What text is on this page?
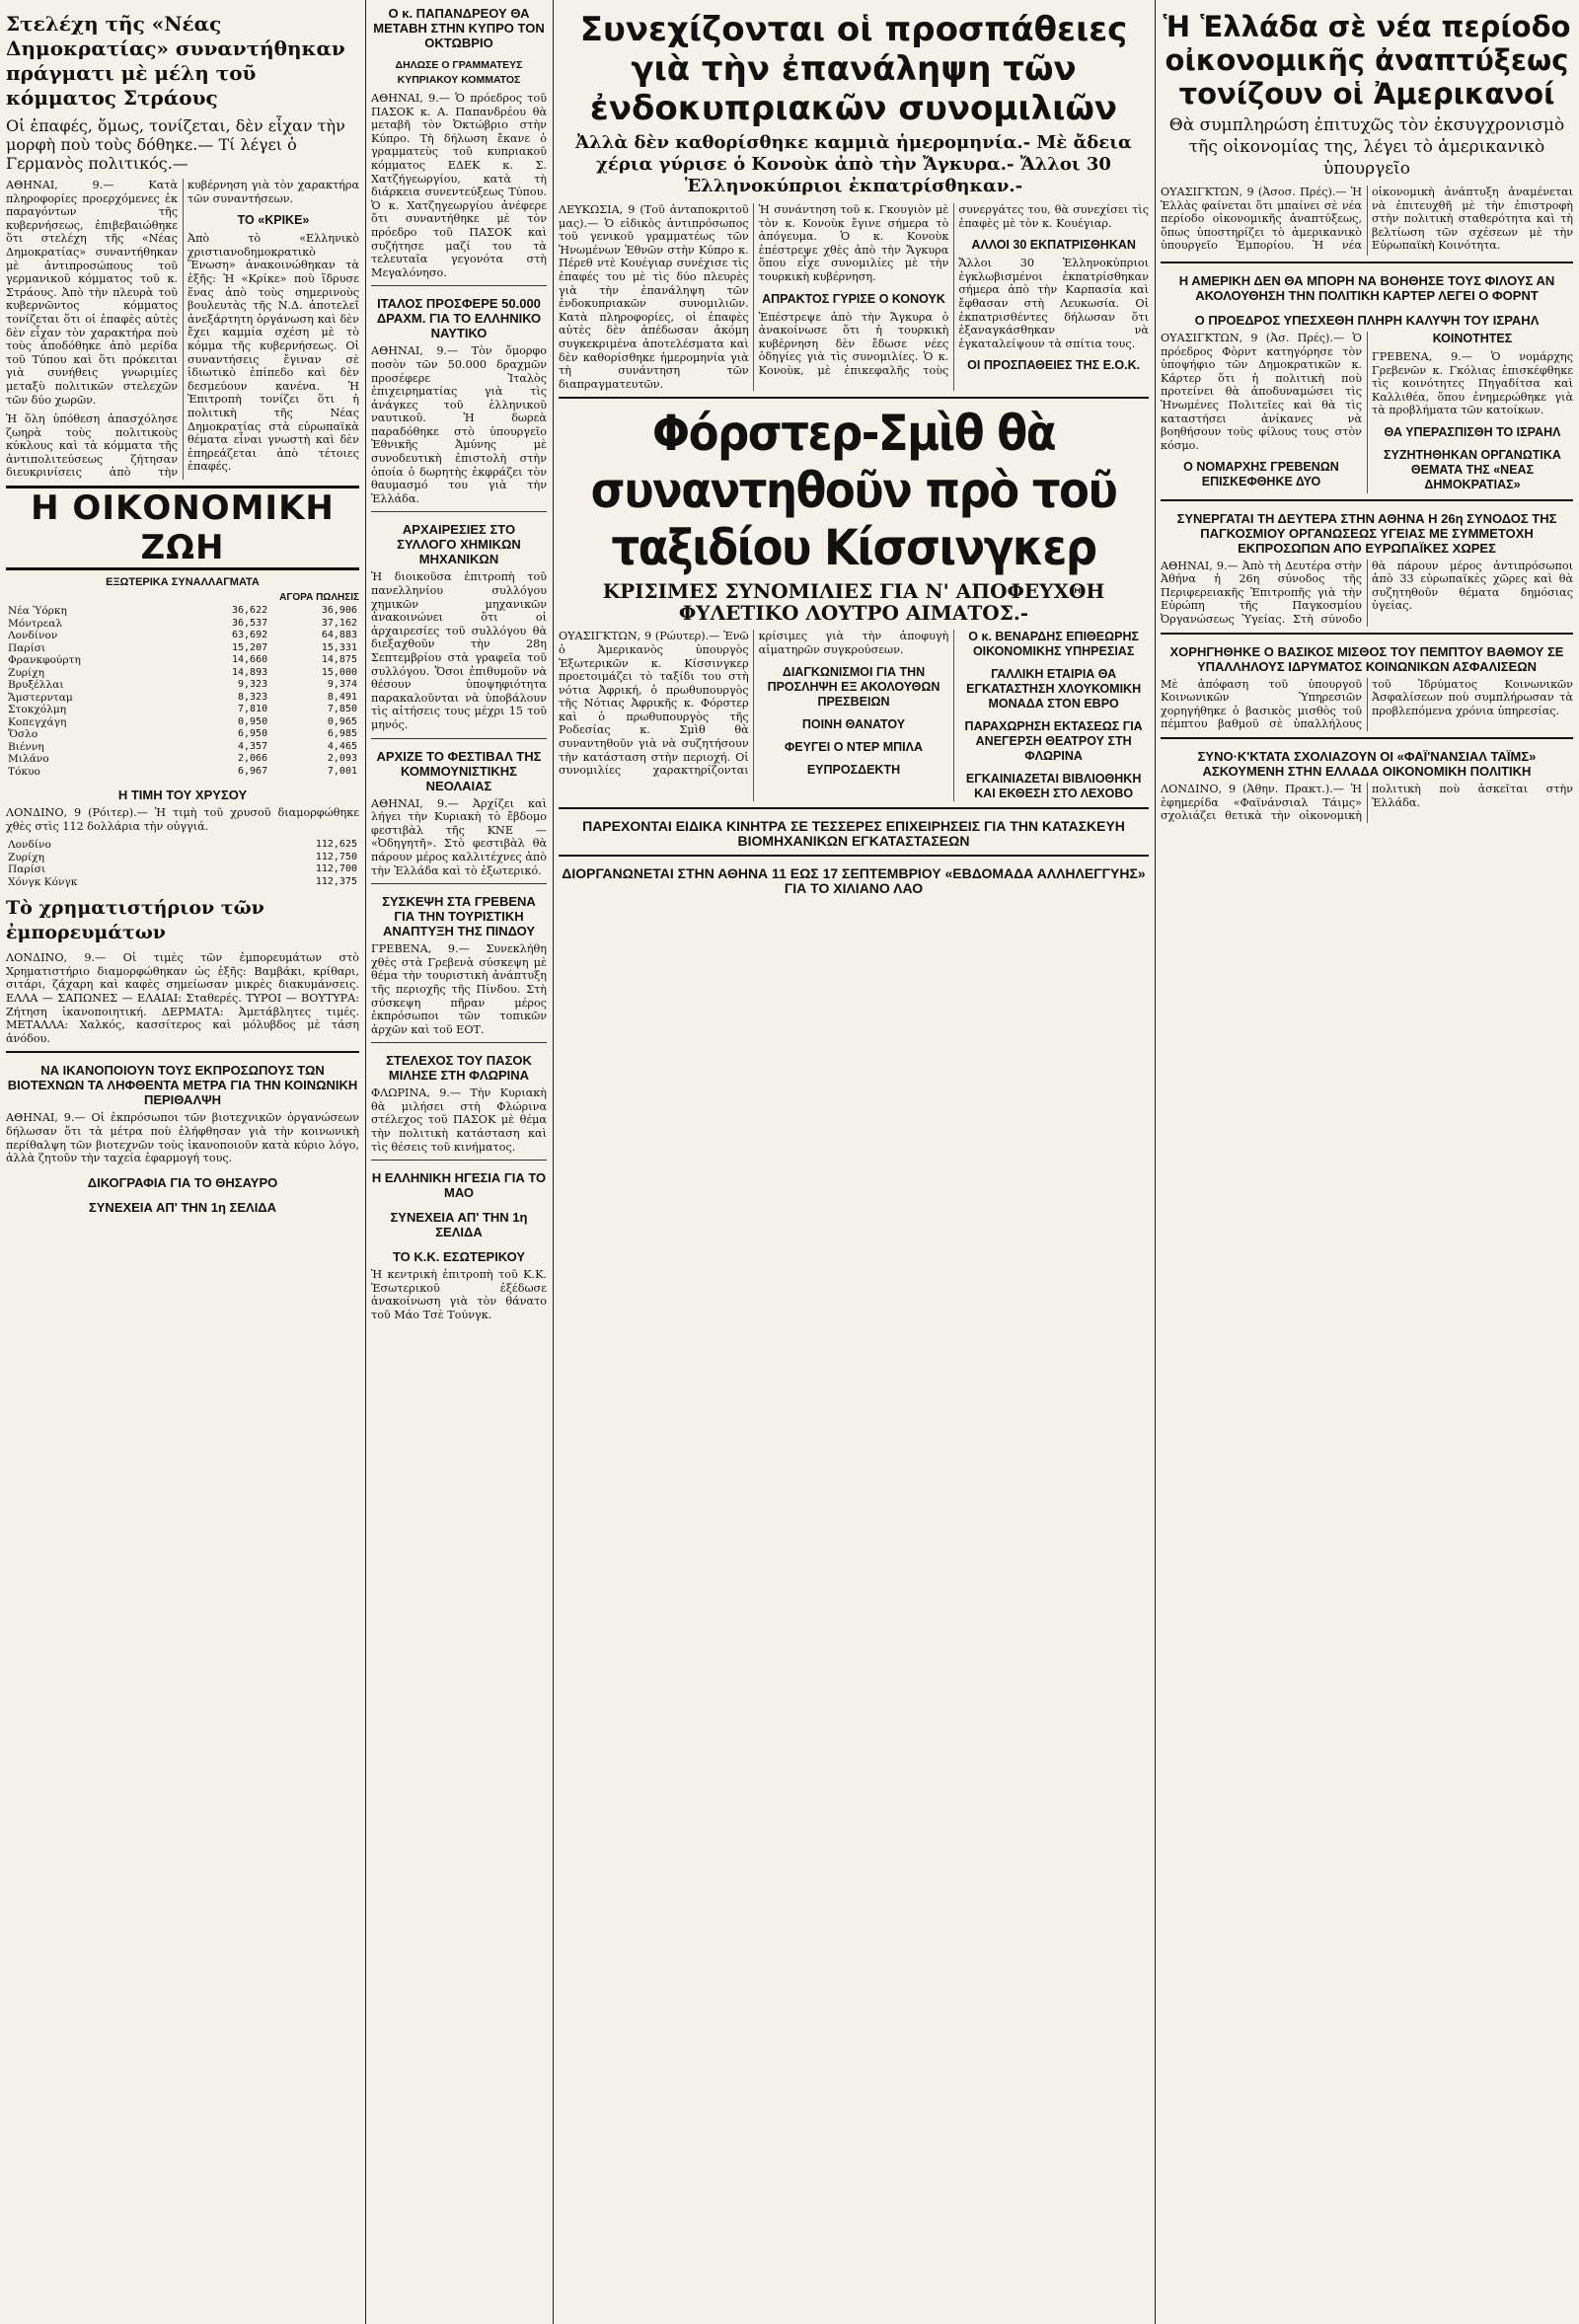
Στελέχη τῆς «Νέας Δημοκρατίας» συναντήθηκαν πράγματι μὲ μέλη τοῦ κόμματος Στράους
Οἱ ἐπαφές, ὅμως, τονίζεται, δὲν εἶχαν τὴν μορφὴ ποὺ τοὺς δόθηκε.— Τί λέγει ὁ Γερμανὸς πολιτικός.—

ΑΘΗΝΑΙ, 9.— Κατὰ πληροφορίες προερχόμενες ἐκ παραγόντων τῆς κυβερνήσεως, ἐπιβεβαιώθηκε ὅτι στελέχη τῆς «Νέας Δημοκρατίας» συναντήθηκαν μὲ ἀντιπροσώπους τοῦ γερμανικοῦ κόμματος τοῦ κ. Στράους. Ἀπὸ τὴν πλευρὰ τοῦ κυβερνῶντος κόμματος τονίζεται ὅτι οἱ ἐπαφὲς αὐτὲς δὲν εἶχαν τὸν χαρακτήρα ποὺ τοὺς ἀποδόθηκε ἀπὸ μερίδα τοῦ Τύπου καὶ ὅτι πρόκειται γιὰ συνήθεις γνωριμίες μεταξὺ πολιτικῶν στελεχῶν τῶν δύο χωρῶν.

Ἡ ὅλη ὑπόθεση ἀπασχόλησε ζωηρὰ τοὺς πολιτικοὺς κύκλους καὶ τὰ κόμματα τῆς ἀντιπολιτεύσεως ζήτησαν διευκρινίσεις ἀπὸ τὴν κυβέρνηση γιὰ τὸν χαρακτήρα τῶν συναντήσεων.

ΤΟ «ΚΡΙΚΕ»

Ἀπὸ τὸ «Ελληνικὸ χριστιανοδημοκρατικὸ Ἕνωση» ἀνακοινώθηκαν τὰ ἑξῆς: Ἡ «Κρίκε» ποὺ ἵδρυσε ἕνας ἀπὸ τοὺς σημερινοὺς βουλευτὰς τῆς Ν.Δ. ἀποτελεῖ ἀνεξάρτητη ὀργάνωση καὶ δὲν ἔχει καμμία σχέση μὲ τὸ κόμμα τῆς κυβερνήσεως. Οἱ συναντήσεις ἔγιναν σὲ ἰδιωτικὸ ἐπίπεδο καὶ δὲν δεσμεύουν κανένα. Ἡ Ἐπιτροπὴ τονίζει ὅτι ἡ πολιτικὴ τῆς Νέας Δημοκρατίας στὰ εὐρωπαϊκὰ θέματα εἶναι γνωστὴ καὶ δὲν ἐπηρεάζεται ἀπὸ τέτοιες ἐπαφές.

Η ΟΙΚΟΝΟΜΙΚΗ ΖΩΗ
ΕΞΩΤΕΡΙΚΑ ΣΥΝΑΛΛΑΓΜΑΤΑ
ΑΓΟΡΑ ΠΩΛΗΣΙΣ
Νέα Ὑόρκη	36,622	36,906
Μόντρεαλ	36,537	37,162
Λονδίνον	63,692	64,883
Παρίσι	15,207	15,331
Φρανκφούρτη	14,660	14,875
Ζυρίχη	14,893	15,000
Βρυξέλλαι	9,323	9,374
Ἄμστερνταμ	8,323	8,491
Στοκχόλμη	7,810	7,850
Κοπεγχάγη	0,950	0,965
Ὄσλο	6,950	6,985
Βιέννη	4,357	4,465
Μιλάνο	2,066	2,093
Τόκυο	6,967	7,001
Η ΤΙΜΗ ΤΟΥ ΧΡΥΣΟΥ

ΛΟΝΔΙΝΟ, 9 (Ρόιτερ).— Ἡ τιμὴ τοῦ χρυσοῦ διαμορφώθηκε χθὲς στὶς 112 δολλάρια τὴν οὐγγιά.

Λονδίνο	112,625
Ζυρίχη	112,750
Παρίσι	112,700
Χόνγκ Κόνγκ	112,375
Τὸ χρηματιστήριον τῶν ἐμπορευμάτων

ΛΟΝΔΙΝΟ, 9.— Οἱ τιμὲς τῶν ἐμπορευμάτων στὸ Χρηματιστήριο διαμορφώθηκαν ὡς ἑξῆς: Βαμβάκι, κρίθαρι, σιτάρι, ζάχαρη καὶ καφὲς σημείωσαν μικρὲς διακυμάνσεις. ΕΛΛΑ — ΣΑΠΩΝΕΣ — ΕΛΑΙΑΙ: Σταθερές. ΤΥΡΟΙ — ΒΟΥΤΥΡΑ: Ζήτηση ἱκανοποιητική. ΔΕΡΜΑΤΑ: Ἀμετάβλητες τιμές. ΜΕΤΑΛΛΑ: Χαλκός, κασσίτερος καὶ μόλυβδος μὲ τάση ἀνόδου.

ΝΑ ΙΚΑΝΟΠΟΙΟΥΝ ΤΟΥΣ ΕΚΠΡΟΣΩΠΟΥΣ ΤΩΝ ΒΙΟΤΕΧΝΩΝ ΤΑ ΛΗΦΘΕΝΤΑ ΜΕΤΡΑ ΓΙΑ ΤΗΝ ΚΟΙΝΩΝΙΚΗ ΠΕΡΙΘΑΛΨΗ

ΑΘΗΝΑΙ, 9.— Οἱ ἐκπρόσωποι τῶν βιοτεχνικῶν ὀργανώσεων δήλωσαν ὅτι τὰ μέτρα ποὺ ἐλήφθησαν γιὰ τὴν κοινωνικὴ περίθαλψη τῶν βιοτεχνῶν τοὺς ἱκανοποιοῦν κατὰ κύριο λόγο, ἀλλὰ ζητοῦν τὴν ταχεία ἐφαρμογή τους.

ΔΙΚΟΓΡΑΦΙΑ ΓΙΑ ΤΟ ΘΗΣΑΥΡΟ
ΣΥΝΕΧΕΙΑ ΑΠ' ΤΗΝ 1η ΣΕΛΙΔΑ
Ο κ. ΠΑΠΑΝΔΡΕΟΥ ΘΑ ΜΕΤΑΒΗ ΣΤΗΝ ΚΥΠΡΟ ΤΟΝ ΟΚΤΩΒΡΙΟ
ΔΗΛΩΣΕ Ο ΓΡΑΜΜΑΤΕΥΣ ΚΥΠΡΙΑΚΟΥ ΚΟΜΜΑΤΟΣ

ΑΘΗΝΑΙ, 9.— Ὁ πρόεδρος τοῦ ΠΑΣΟΚ κ. Α. Παπανδρέου θὰ μεταβῆ τὸν Ὀκτώβριο στὴν Κύπρο. Τὴ δήλωση ἔκανε ὁ γραμματεὺς τοῦ κυπριακοῦ κόμματος ΕΔΕΚ κ. Σ. Χατζήγεωργίου, κατὰ τὴ διάρκεια συνεντεύξεως Τύπου. Ὁ κ. Χατζηγεωργίου ἀνέφερε ὅτι συναντήθηκε μὲ τὸν πρόεδρο τοῦ ΠΑΣΟΚ καὶ συζήτησε μαζί του τὰ τελευταῖα γεγονότα στὴ Μεγαλόνησο.

ΙΤΑΛΟΣ ΠΡΟΣΦΕΡΕ 50.000 ΔΡΑΧΜ. ΓΙΑ ΤΟ ΕΛΛΗΝΙΚΟ ΝΑΥΤΙΚΟ

ΑΘΗΝΑΙ, 9.— Τὸν ὄμορφο ποσὸν τῶν 50.000 δραχμῶν προσέφερε Ἰταλὸς ἐπιχειρηματίας γιὰ τὶς ἀνάγκες τοῦ ἑλληνικοῦ ναυτικοῦ. Ἡ δωρεὰ παραδόθηκε στὸ ὑπουργεῖο Ἐθνικῆς Ἀμύνης μὲ συνοδευτικὴ ἐπιστολὴ στὴν ὁποία ὁ δωρητὴς ἐκφράζει τὸν θαυμασμό του γιὰ τὴν Ἑλλάδα.

ΑΡΧΑΙΡΕΣΙΕΣ ΣΤΟ ΣΥΛΛΟΓΟ ΧΗΜΙΚΩΝ ΜΗΧΑΝΙΚΩΝ

Ἡ διοικοῦσα ἐπιτροπὴ τοῦ πανελληνίου συλλόγου χημικῶν μηχανικῶν ἀνακοινώνει ὅτι οἱ ἀρχαιρεσίες τοῦ συλλόγου θὰ διεξαχθοῦν τὴν 28η Σεπτεμβρίου στὰ γραφεῖα τοῦ συλλόγου. Ὅσοι ἐπιθυμοῦν νὰ θέσουν ὑποψηφιότητα παρακαλοῦνται νὰ ὑποβάλουν τὶς αἰτήσεις τους μέχρι 15 τοῦ μηνός.

ΑΡΧΙΖΕ ΤΟ ΦΕΣΤΙΒΑΛ ΤΗΣ ΚΟΜΜΟΥΝΙΣΤΙΚΗΣ ΝΕΟΛΑΙΑΣ

ΑΘΗΝΑΙ, 9.— Ἀρχίζει καὶ λήγει τὴν Κυριακὴ τὸ ἔβδομο φεστιβὰλ τῆς ΚΝΕ — «Ὀδηγητῆ». Στὸ φεστιβὰλ θὰ πάρουν μέρος καλλιτέχνες ἀπὸ τὴν Ἑλλάδα καὶ τὸ ἐξωτερικό.

ΣΥΣΚΕΨΗ ΣΤΑ ΓΡΕΒΕΝΑ ΓΙΑ ΤΗΝ ΤΟΥΡΙΣΤΙΚΗ ΑΝΑΠΤΥΞΗ ΤΗΣ ΠΙΝΔΟΥ

ΓΡΕΒΕΝΑ, 9.— Συνεκλήθη χθὲς στὰ Γρεβενὰ σύσκεψη μὲ θέμα τὴν τουριστικὴ ἀνάπτυξη τῆς περιοχῆς τῆς Πίνδου. Στὴ σύσκεψη πῆραν μέρος ἐκπρόσωποι τῶν τοπικῶν ἀρχῶν καὶ τοῦ ΕΟΤ.

ΣΤΕΛΕΧΟΣ ΤΟΥ ΠΑΣΟΚ ΜΙΛΗΣΕ ΣΤΗ ΦΛΩΡΙΝΑ

ΦΛΩΡΙΝΑ, 9.— Τὴν Κυριακὴ θὰ μιλήσει στὴ Φλώρινα στέλεχος τοῦ ΠΑΣΟΚ μὲ θέμα τὴν πολιτικὴ κατάσταση καὶ τὶς θέσεις τοῦ κινήματος.

Η ΕΛΛΗΝΙΚΗ ΗΓΕΣΙΑ ΓΙΑ ΤΟ ΜΑΟ
ΣΥΝΕΧΕΙΑ ΑΠ' ΤΗΝ 1η ΣΕΛΙΔΑ
ΤΟ Κ.Κ. ΕΣΩΤΕΡΙΚΟΥ

Ἡ κεντρικὴ ἐπιτροπὴ τοῦ Κ.Κ. Ἐσωτερικοῦ ἐξέδωσε ἀνακοίνωση γιὰ τὸν θάνατο τοῦ Μάο Τσὲ Τούνγκ.

Συνεχίζονται οἱ προσπάθειες γιὰ τὴν ἐπανάληψη τῶν ἐνδοκυπριακῶν συνομιλιῶν
Ἀλλὰ δὲν καθορίσθηκε καμμιὰ ἡμερομηνία.- Μὲ ἄδεια χέρια γύρισε ὁ Κονοὺκ ἀπὸ τὴν Ἄγκυρα.- Ἄλλοι 30 Ἑλληνοκύπριοι ἐκπατρίσθηκαν.-

ΛΕΥΚΩΣΙΑ, 9 (Τοῦ ἀνταποκριτοῦ μας).— Ὁ εἰδικὸς ἀντιπρόσωπος τοῦ γενικοῦ γραμματέως τῶν Ἡνωμένων Ἐθνῶν στὴν Κύπρο κ. Πέρεθ ντὲ Κουέγιαρ συνέχισε τὶς ἐπαφές του μὲ τὶς δύο πλευρὲς γιὰ τὴν ἐπανάληψη τῶν ἐνδοκυπριακῶν συνομιλιῶν. Κατὰ πληροφορίες, οἱ ἐπαφὲς αὐτὲς δὲν ἀπέδωσαν ἀκόμη συγκεκριμένα ἀποτελέσματα καὶ δὲν καθορίσθηκε ἡμερομηνία γιὰ τὴ συνάντηση τῶν διαπραγματευτῶν.

Ἡ συνάντηση τοῦ κ. Γκουγιὸν μὲ τὸν κ. Κονοὺκ ἔγινε σήμερα τὸ ἀπόγευμα. Ὁ κ. Κονοὺκ ἐπέστρεψε χθὲς ἀπὸ τὴν Ἄγκυρα ὅπου εἶχε συνομιλίες μὲ τὴν τουρκικὴ κυβέρνηση.

ΑΠΡΑΚΤΟΣ ΓΥΡΙΣΕ Ο ΚΟΝΟΥΚ

Ἐπέστρεψε ἀπὸ τὴν Ἄγκυρα ὁ ἀνακοίνωσε ὅτι ἡ τουρκικὴ κυβέρνηση δὲν ἔδωσε νέες ὁδηγίες γιὰ τὶς συνομιλίες. Ὁ κ. Κονοὺκ, μὲ ἐπικεφαλῆς τοὺς συνεργάτες του, θὰ συνεχίσει τὶς ἐπαφὲς μὲ τὸν κ. Κουέγιαρ.

ΑΛΛΟΙ 30 ΕΚΠΑΤΡΙΣΘΗΚΑΝ

Ἄλλοι 30 Ἑλληνοκύπριοι ἐγκλωβισμένοι ἐκπατρίσθηκαν σήμερα ἀπὸ τὴν Καρπασία καὶ ἔφθασαν στὴ Λευκωσία. Οἱ ἐκπατρισθέντες δήλωσαν ὅτι ἐξαναγκάσθηκαν νὰ ἐγκαταλείψουν τὰ σπίτια τους.

ΟΙ ΠΡΟΣΠΑΘΕΙΕΣ ΤΗΣ Ε.Ο.Κ.
Φόρστερ-Σμὶθ θὰ συναντηθοῦν πρὸ τοῦ ταξιδίου Κίσσινγκερ
ΚΡΙΣΙΜΕΣ ΣΥΝΟΜΙΛΙΕΣ ΓΙΑ Ν' ΑΠΟΦΕΥΧΘΗ ΦΥΛΕΤΙΚΟ ΛΟΥΤΡΟ ΑΙΜΑΤΟΣ.-

ΟΥΑΣΙΓΚΤΩΝ, 9 (Ρώυτερ).— Ἐνῶ ὁ Ἀμερικανὸς ὑπουργὸς Ἐξωτερικῶν κ. Κίσσινγκερ προετοιμάζει τὸ ταξίδι του στὴ νότια Ἀφρική, ὁ πρωθυπουργὸς τῆς Νότιας Ἀφρικῆς κ. Φόρστερ καὶ ὁ πρωθυπουργὸς τῆς Ροδεσίας κ. Σμὶθ θὰ συναντηθοῦν γιὰ νὰ συζητήσουν τὴν κατάσταση στὴν περιοχή. Οἱ συνομιλίες χαρακτηρίζονται κρίσιμες γιὰ τὴν ἀποφυγὴ αἱματηρῶν συγκρούσεων.

ΔΙΑΓΚΩΝΙΣΜΟΙ ΓΙΑ ΤΗΝ ΠΡΟΣΛΗΨΗ ΕΞ ΑΚΟΛΟΥΘΩΝ ΠΡΕΣΒΕΙΩΝ
ΠΟΙΝΗ ΘΑΝΑΤΟΥ
ΦΕΥΓΕΙ Ο ΝΤΕΡ ΜΠΙΛΑ
ΕΥΠΡΟΣΔΕΚΤΗ
Ο κ. ΒΕΝΑΡΔΗΣ ΕΠΙΘΕΩΡΗΣ ΟΙΚΟΝΟΜΙΚΗΣ ΥΠΗΡΕΣΙΑΣ
ΓΑΛΛΙΚΗ ΕΤΑΙΡΙΑ ΘΑ ΕΓΚΑΤΑΣΤΗΣΗ ΧΛΟΥΚΟΜΙΚΗ ΜΟΝΑΔΑ ΣΤΟΝ ΕΒΡΟ
ΠΑΡΑΧΩΡΗΣΗ ΕΚΤΑΣΕΩΣ ΓΙΑ ΑΝΕΓΕΡΣΗ ΘΕΑΤΡΟΥ ΣΤΗ ΦΛΩΡΙΝΑ
ΕΓΚΑΙΝΙΑΖΕΤΑΙ ΒΙΒΛΙΟΘΗΚΗ ΚΑΙ ΕΚΘΕΣΗ ΣΤΟ ΛΕΧΟΒΟ
ΠΑΡΕΧΟΝΤΑΙ ΕΙΔΙΚΑ ΚΙΝΗΤΡΑ ΣΕ ΤΕΣΣΕΡΕΣ ΕΠΙΧΕΙΡΗΣΕΙΣ ΓΙΑ ΤΗΝ ΚΑΤΑΣΚΕΥΗ ΒΙΟΜΗΧΑΝΙΚΩΝ ΕΓΚΑΤΑΣΤΑΣΕΩΝ
ΔΙΟΡΓΑΝΩΝΕΤΑΙ ΣΤΗΝ ΑΘΗΝΑ 11 ΕΩΣ 17 ΣΕΠΤΕΜΒΡΙΟΥ «ΕΒΔΟΜΑΔΑ ΑΛΛΗΛΕΓΓΥΗΣ» ΓΙΑ ΤΟ ΧΙΛΙΑΝΟ ΛΑΟ
Ἡ Ἑλλάδα σὲ νέα περίοδο οἰκονομικῆς ἀναπτύξεως τονίζουν οἱ Ἀμερικανοί
Θὰ συμπληρώση ἐπιτυχῶς τὸν ἐκσυγχρονισμὸ τῆς οἰκονομίας της, λέγει τὸ ἀμερικανικὸ ὑπουργεῖο

ΟΥΑΣΙΓΚΤΩΝ, 9 (Ἀσοσ. Πρές).— Ἡ Ἑλλὰς φαίνεται ὅτι μπαίνει σὲ νέα περίοδο οἰκονομικῆς ἀναπτύξεως, ὅπως ὑποστηρίζει τὸ ἀμερικανικὸ ὑπουργεῖο Ἐμπορίου. Ἡ νέα οἰκονομικὴ ἀνάπτυξη ἀναμένεται νὰ ἐπιτευχθῆ μὲ τὴν ἐπιστροφὴ στὴν πολιτικὴ σταθερότητα καὶ τὴ βελτίωση τῶν σχέσεων μὲ τὴν Εὐρωπαϊκὴ Κοινότητα.

Η ΑΜΕΡΙΚΗ ΔΕΝ ΘΑ ΜΠΟΡΗ ΝΑ ΒΟΗΘΗΣΕ ΤΟΥΣ ΦΙΛΟΥΣ ΑΝ ΑΚΟΛΟΥΘΗΣΗ ΤΗΝ ΠΟΛΙΤΙΚΗ ΚΑΡΤΕΡ ΛΕΓΕΙ Ο ΦΟΡΝΤ
Ο ΠΡΟΕΔΡΟΣ ΥΠΕΣΧΕΘΗ ΠΛΗΡΗ ΚΑΛΥΨΗ ΤΟΥ ΙΣΡΑΗΛ

ΟΥΑΣΙΓΚΤΩΝ, 9 (Ἀσ. Πρές).— Ὁ πρόεδρος Φὸρντ κατηγόρησε τὸν ὑποψήφιο τῶν Δημοκρατικῶν κ. Κάρτερ ὅτι ἡ πολιτικὴ ποὺ προτείνει θὰ ἀποδυναμώσει τὶς Ἡνωμένες Πολιτεῖες καὶ θὰ τὶς καταστήσει ἀνίκανες νὰ βοηθήσουν τοὺς φίλους τους στὸν κόσμο.

Ο ΝΟΜΑΡΧΗΣ ΓΡΕΒΕΝΩΝ ΕΠΙΣΚΕΦΘΗΚΕ ΔΥΟ ΚΟΙΝΟΤΗΤΕΣ

ΓΡΕΒΕΝΑ, 9.— Ὁ νομάρχης Γρεβενῶν κ. Γκόλιας ἐπισκέφθηκε τὶς κοινότητες Πηγαδίτσα καὶ Καλλιθέα, ὅπου ἐνημερώθηκε γιὰ τὰ προβλήματα τῶν κατοίκων.

ΘΑ ΥΠΕΡΑΣΠΙΣΘΗ ΤΟ ΙΣΡΑΗΛ
ΣΥΖΗΤΗΘΗΚΑΝ ΟΡΓΑΝΩΤΙΚΑ ΘΕΜΑΤΑ ΤΗΣ «ΝΕΑΣ ΔΗΜΟΚΡΑΤΙΑΣ»
ΣΥΝΕΡΓΑΤΑΙ ΤΗ ΔΕΥΤΕΡΑ ΣΤΗΝ ΑΘΗΝΑ Η 26η ΣΥΝΟΔΟΣ ΤΗΣ ΠΑΓΚΟΣΜΙΟΥ ΟΡΓΑΝΩΣΕΩΣ ΥΓΕΙΑΣ ΜΕ ΣΥΜΜΕΤΟΧΗ ΕΚΠΡΟΣΩΠΩΝ ΑΠΟ ΕΥΡΩΠΑΪΚΕΣ ΧΩΡΕΣ

ΑΘΗΝΑΙ, 9.— Ἀπὸ τὴ Δευτέρα στὴν Ἀθήνα ἡ 26η σύνοδος τῆς Περιφερειακῆς Ἐπιτροπῆς γιὰ τὴν Εὐρώπη τῆς Παγκοσμίου Ὀργανώσεως Ὑγείας. Στὴ σύνοδο θὰ πάρουν μέρος ἀντιπρόσωποι ἀπὸ 33 εὐρωπαϊκὲς χῶρες καὶ θὰ συζητηθοῦν θέματα δημόσιας ὑγείας.

ΧΟΡΗΓΗΘΗΚΕ Ο ΒΑΣΙΚΟΣ ΜΙΣΘΟΣ ΤΟΥ ΠΕΜΠΤΟΥ ΒΑΘΜΟΥ ΣΕ ΥΠΑΛΛΗΛΟΥΣ ΙΔΡΥΜΑΤΟΣ ΚΟΙΝΩΝΙΚΩΝ ΑΣΦΑΛΙΣΕΩΝ

Μὲ ἀπόφαση τοῦ ὑπουργοῦ Κοινωνικῶν Ὑπηρεσιῶν χορηγήθηκε ὁ βασικὸς μισθὸς τοῦ πέμπτου βαθμοῦ σὲ ὑπαλλήλους τοῦ Ἱδρύματος Κοινωνικῶν Ἀσφαλίσεων ποὺ συμπλήρωσαν τὰ προβλεπόμενα χρόνια ὑπηρεσίας.

ΣΥΝΟ·Κ'ΚΤΑΤΑ ΣΧΟΛΙΑΖΟΥΝ ΟΙ «ΦΑΪ'ΝΑΝΣΙΑΛ ΤΑΪΜΣ» ΑΣΚΟΥΜΕΝΗ ΣΤΗΝ ΕΛΛΑΔΑ ΟΙΚΟΝΟΜΙΚΗ ΠΟΛΙΤΙΚΗ

ΛΟΝΔΙΝΟ, 9 (Ἀθην. Πρακτ.).— Ἡ ἐφημερίδα «Φαϊνάνσιαλ Τάιμς» σχολιάζει θετικὰ τὴν οἰκονομικὴ πολιτικὴ ποὺ ἀσκεῖται στὴν Ἑλλάδα.
